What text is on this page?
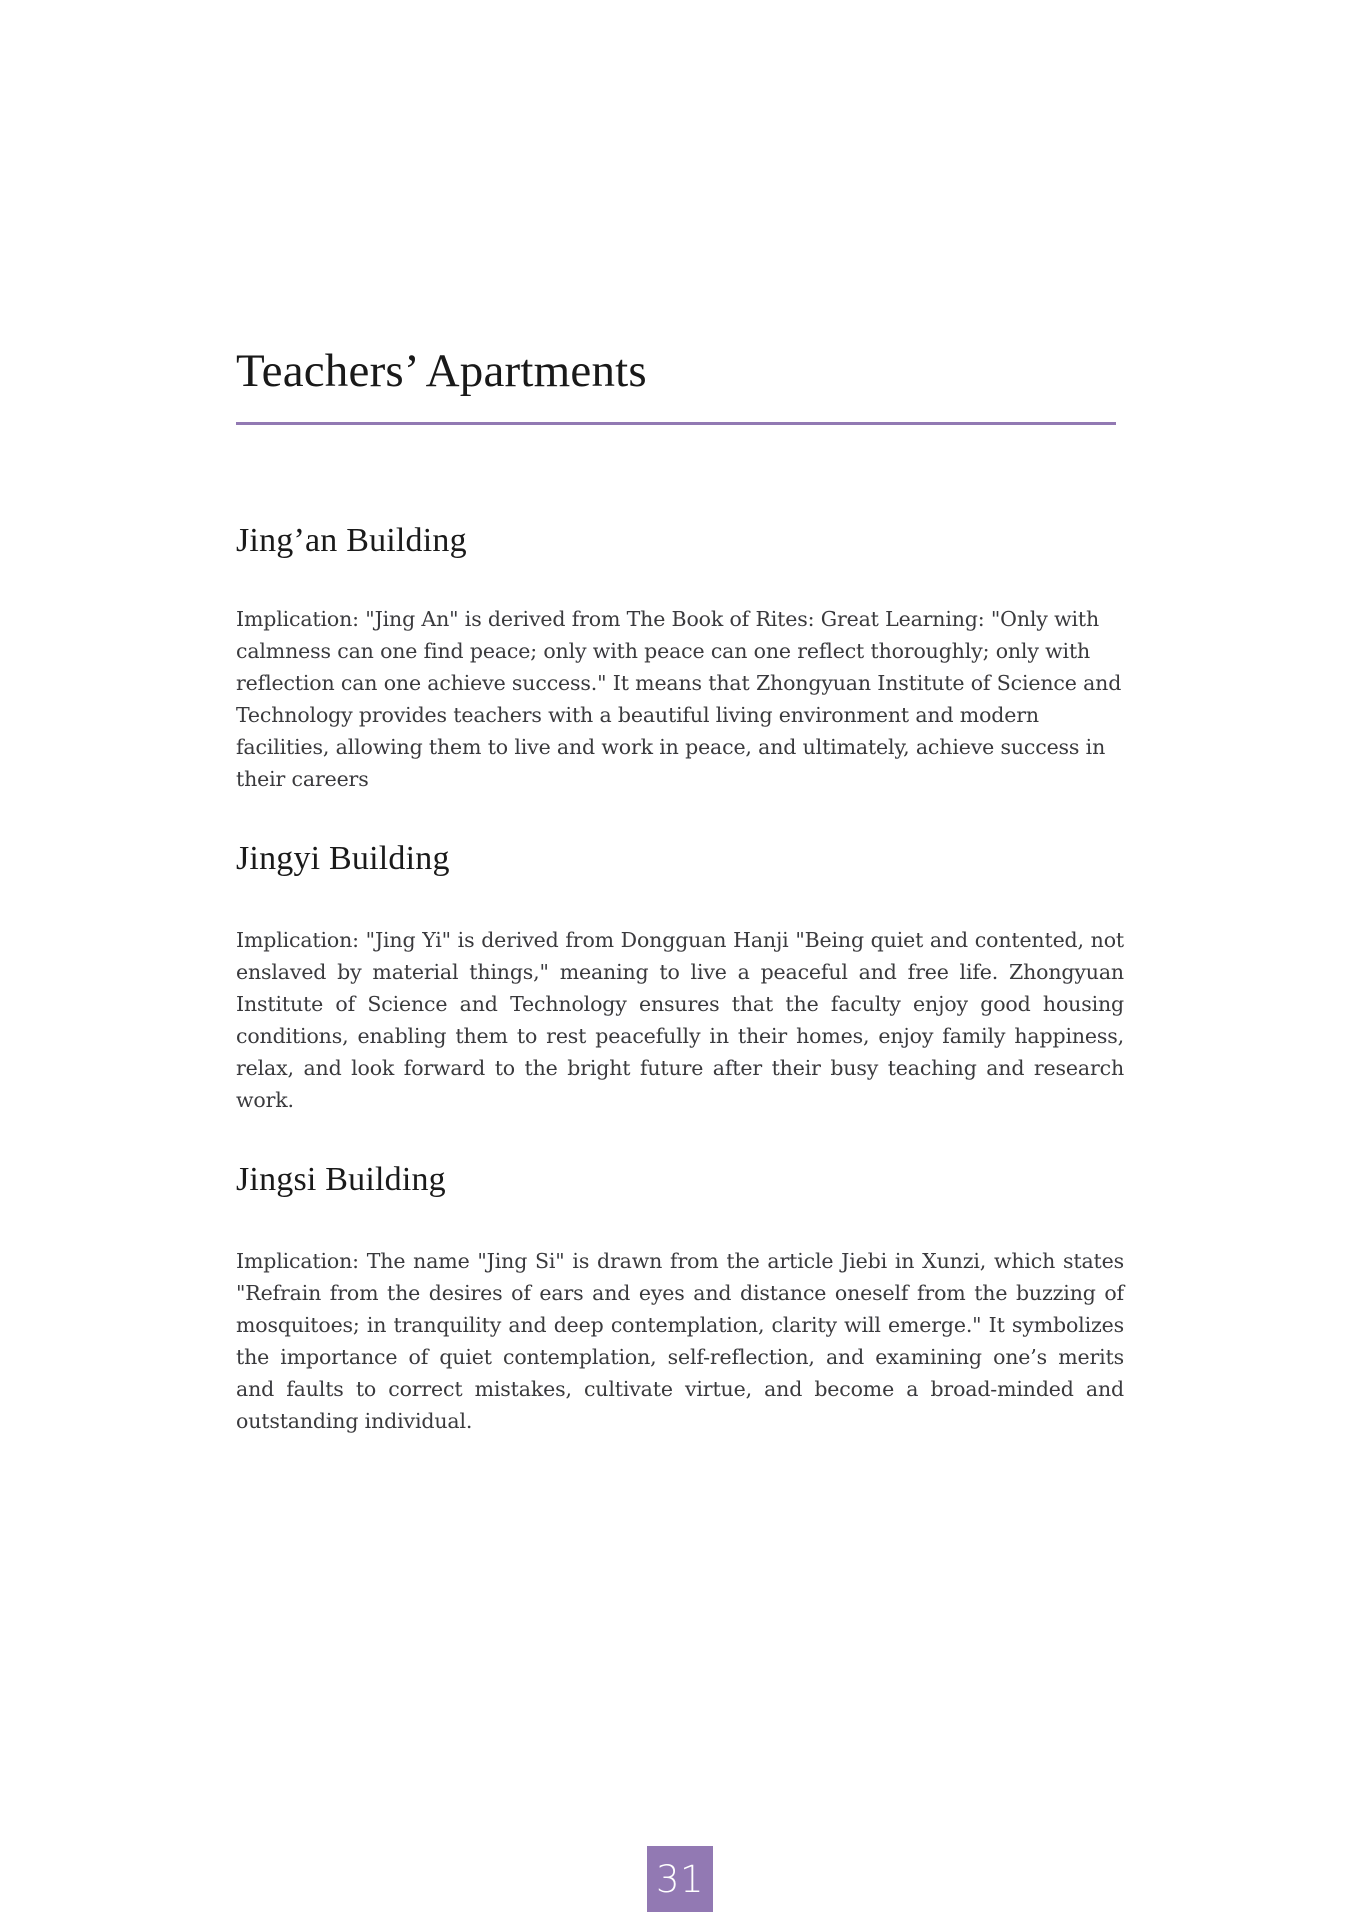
Teachers’ Apartments
Jing’an Building

Implication: "Jing An" is derived from The Book of Rites: Great Learning: "Only with calmness can one find peace; only with peace can one reflect thoroughly; only with reflection can one achieve success." It means that Zhongyuan Institute of Science and Technology provides teachers with a beautiful living environment and modern facilities, allowing them to live and work in peace, and ultimately, achieve success in their careers

Jingyi Building

Implication: "Jing Yi" is derived from Dongguan Hanji "Being quiet and contented, not enslaved by material things," meaning to live a peaceful and free life. Zhongyuan Institute of Science and Technology ensures that the faculty enjoy good housing conditions, enabling them to rest peacefully in their homes, enjoy family happiness, relax, and look forward to the bright future after their busy teaching and research work.

Jingsi Building

Implication: The name "Jing Si" is drawn from the article Jiebi in Xunzi, which states "Refrain from the desires of ears and eyes and distance oneself from the buzzing of mosquitoes; in tranquility and deep contemplation, clarity will emerge." It symbolizes the importance of quiet contemplation, self-reflection, and examining one’s merits and faults to correct mistakes, cultivate virtue, and become a broad-minded and outstanding individual.

31
